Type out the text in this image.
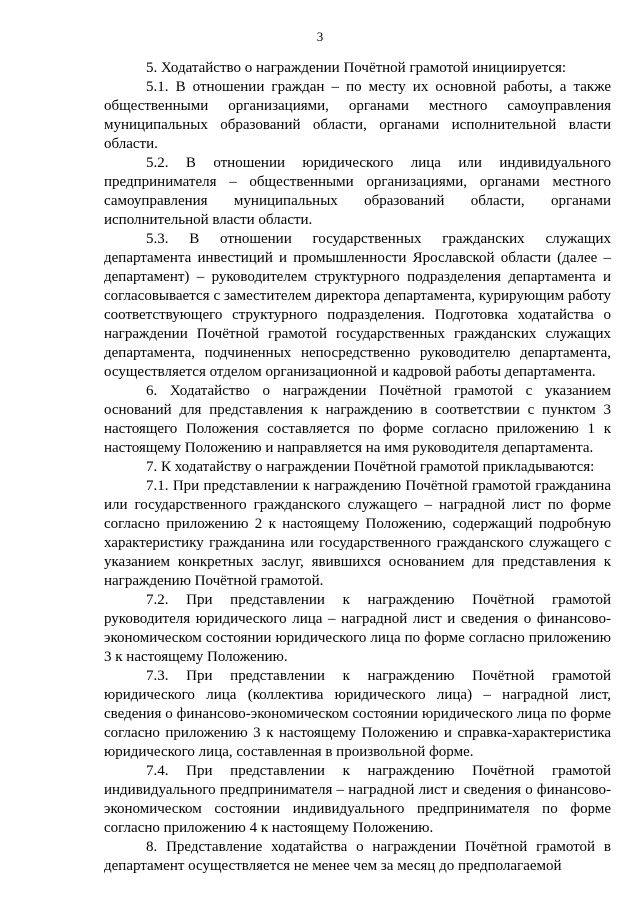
3

5. Ходатайство о награждении Почётной грамотой инициируется:

5.1. В отношении граждан – по месту их основной работы, а также общественными организациями, органами местного самоуправления муниципальных образований области, органами исполнительной власти области.

5.2. В отношении юридического лица или индивидуального предпринимателя – общественными организациями, органами местного самоуправления муниципальных образований области, органами исполнительной власти области.

5.3. В отношении государственных гражданских служащих департамента инвестиций и промышленности Ярославской области (далее – департамент) – руководителем структурного подразделения департамента и согласовывается с заместителем директора департамента, курирующим работу соответствующего структурного подразделения. Подготовка ходатайства о награждении Почётной грамотой государственных гражданских служащих департамента, подчиненных непосредственно руководителю департамента, осуществляется отделом организационной и кадровой работы департамента.

6. Ходатайство о награждении Почётной грамотой с указанием оснований для представления к награждению в соответствии с пунктом 3 настоящего Положения составляется по форме согласно приложению 1 к настоящему Положению и направляется на имя руководителя департамента.

7. К ходатайству о награждении Почётной грамотой прикладываются:

7.1. При представлении к награждению Почётной грамотой гражданина или государственного гражданского служащего – наградной лист по форме согласно приложению 2 к настоящему Положению, содержащий подробную характеристику гражданина или государственного гражданского служащего с указанием конкретных заслуг, явившихся основанием для представления к награждению Почётной грамотой.

7.2. При представлении к награждению Почётной грамотой руководителя юридического лица – наградной лист и сведения о финансово-экономическом состоянии юридического лица по форме согласно приложению 3 к настоящему Положению.

7.3. При представлении к награждению Почётной грамотой юридического лица (коллектива юридического лица) – наградной лист, сведения о финансово-экономическом состоянии юридического лица по форме согласно приложению 3 к настоящему Положению и справка-характеристика юридического лица, составленная в произвольной форме.

7.4. При представлении к награждению Почётной грамотой индивидуального предпринимателя – наградной лист и сведения о финансово-экономическом состоянии индивидуального предпринимателя по форме согласно приложению 4 к настоящему Положению.

8. Представление ходатайства о награждении Почётной грамотой в департамент осуществляется не менее чем за месяц до предполагаемой
